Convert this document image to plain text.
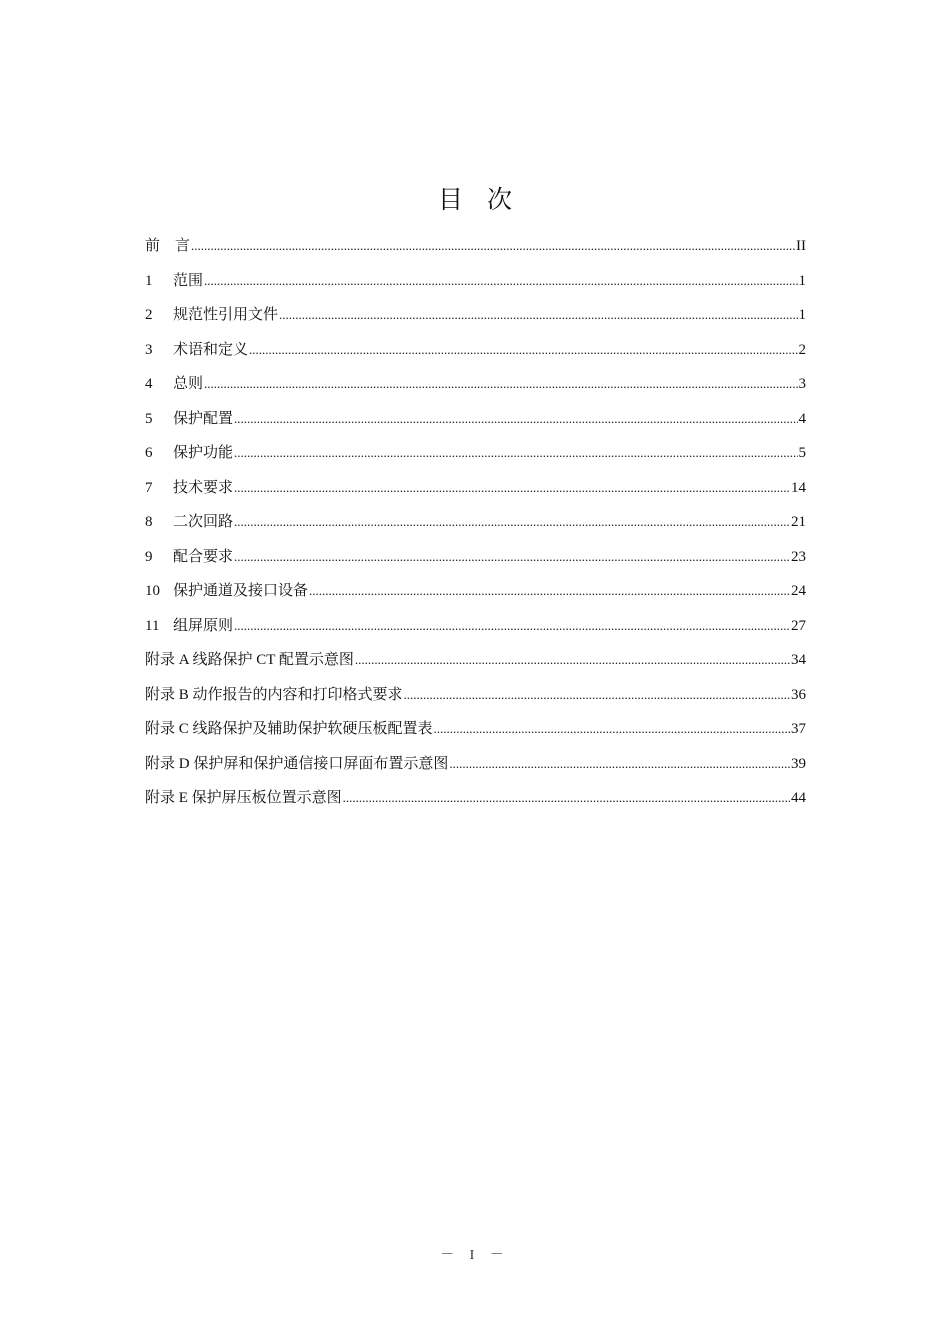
目次
前　言 .....	II
1	范围 .....	1
2	规范性引用文件 .....	1
3	术语和定义 .....	2
4	总则 .....	3
5	保护配置 .....	4
6	保护功能 .....	5
7	技术要求 .....	14
8	二次回路 .....	21
9	配合要求 .....	23
10 保护通道及接口设备 .....	24
11 组屏原则 .....	27
附录 A 线路保护 CT 配置示意图 .....	34
附录 B 动作报告的内容和打印格式要求 .....	36
附录 C 线路保护及辅助保护软硬压板配置表 .....	37
附录 D 保护屏和保护通信接口屏面布置示意图 .....	39
附录 E 保护屏压板位置示意图 .....	44
－ I －
